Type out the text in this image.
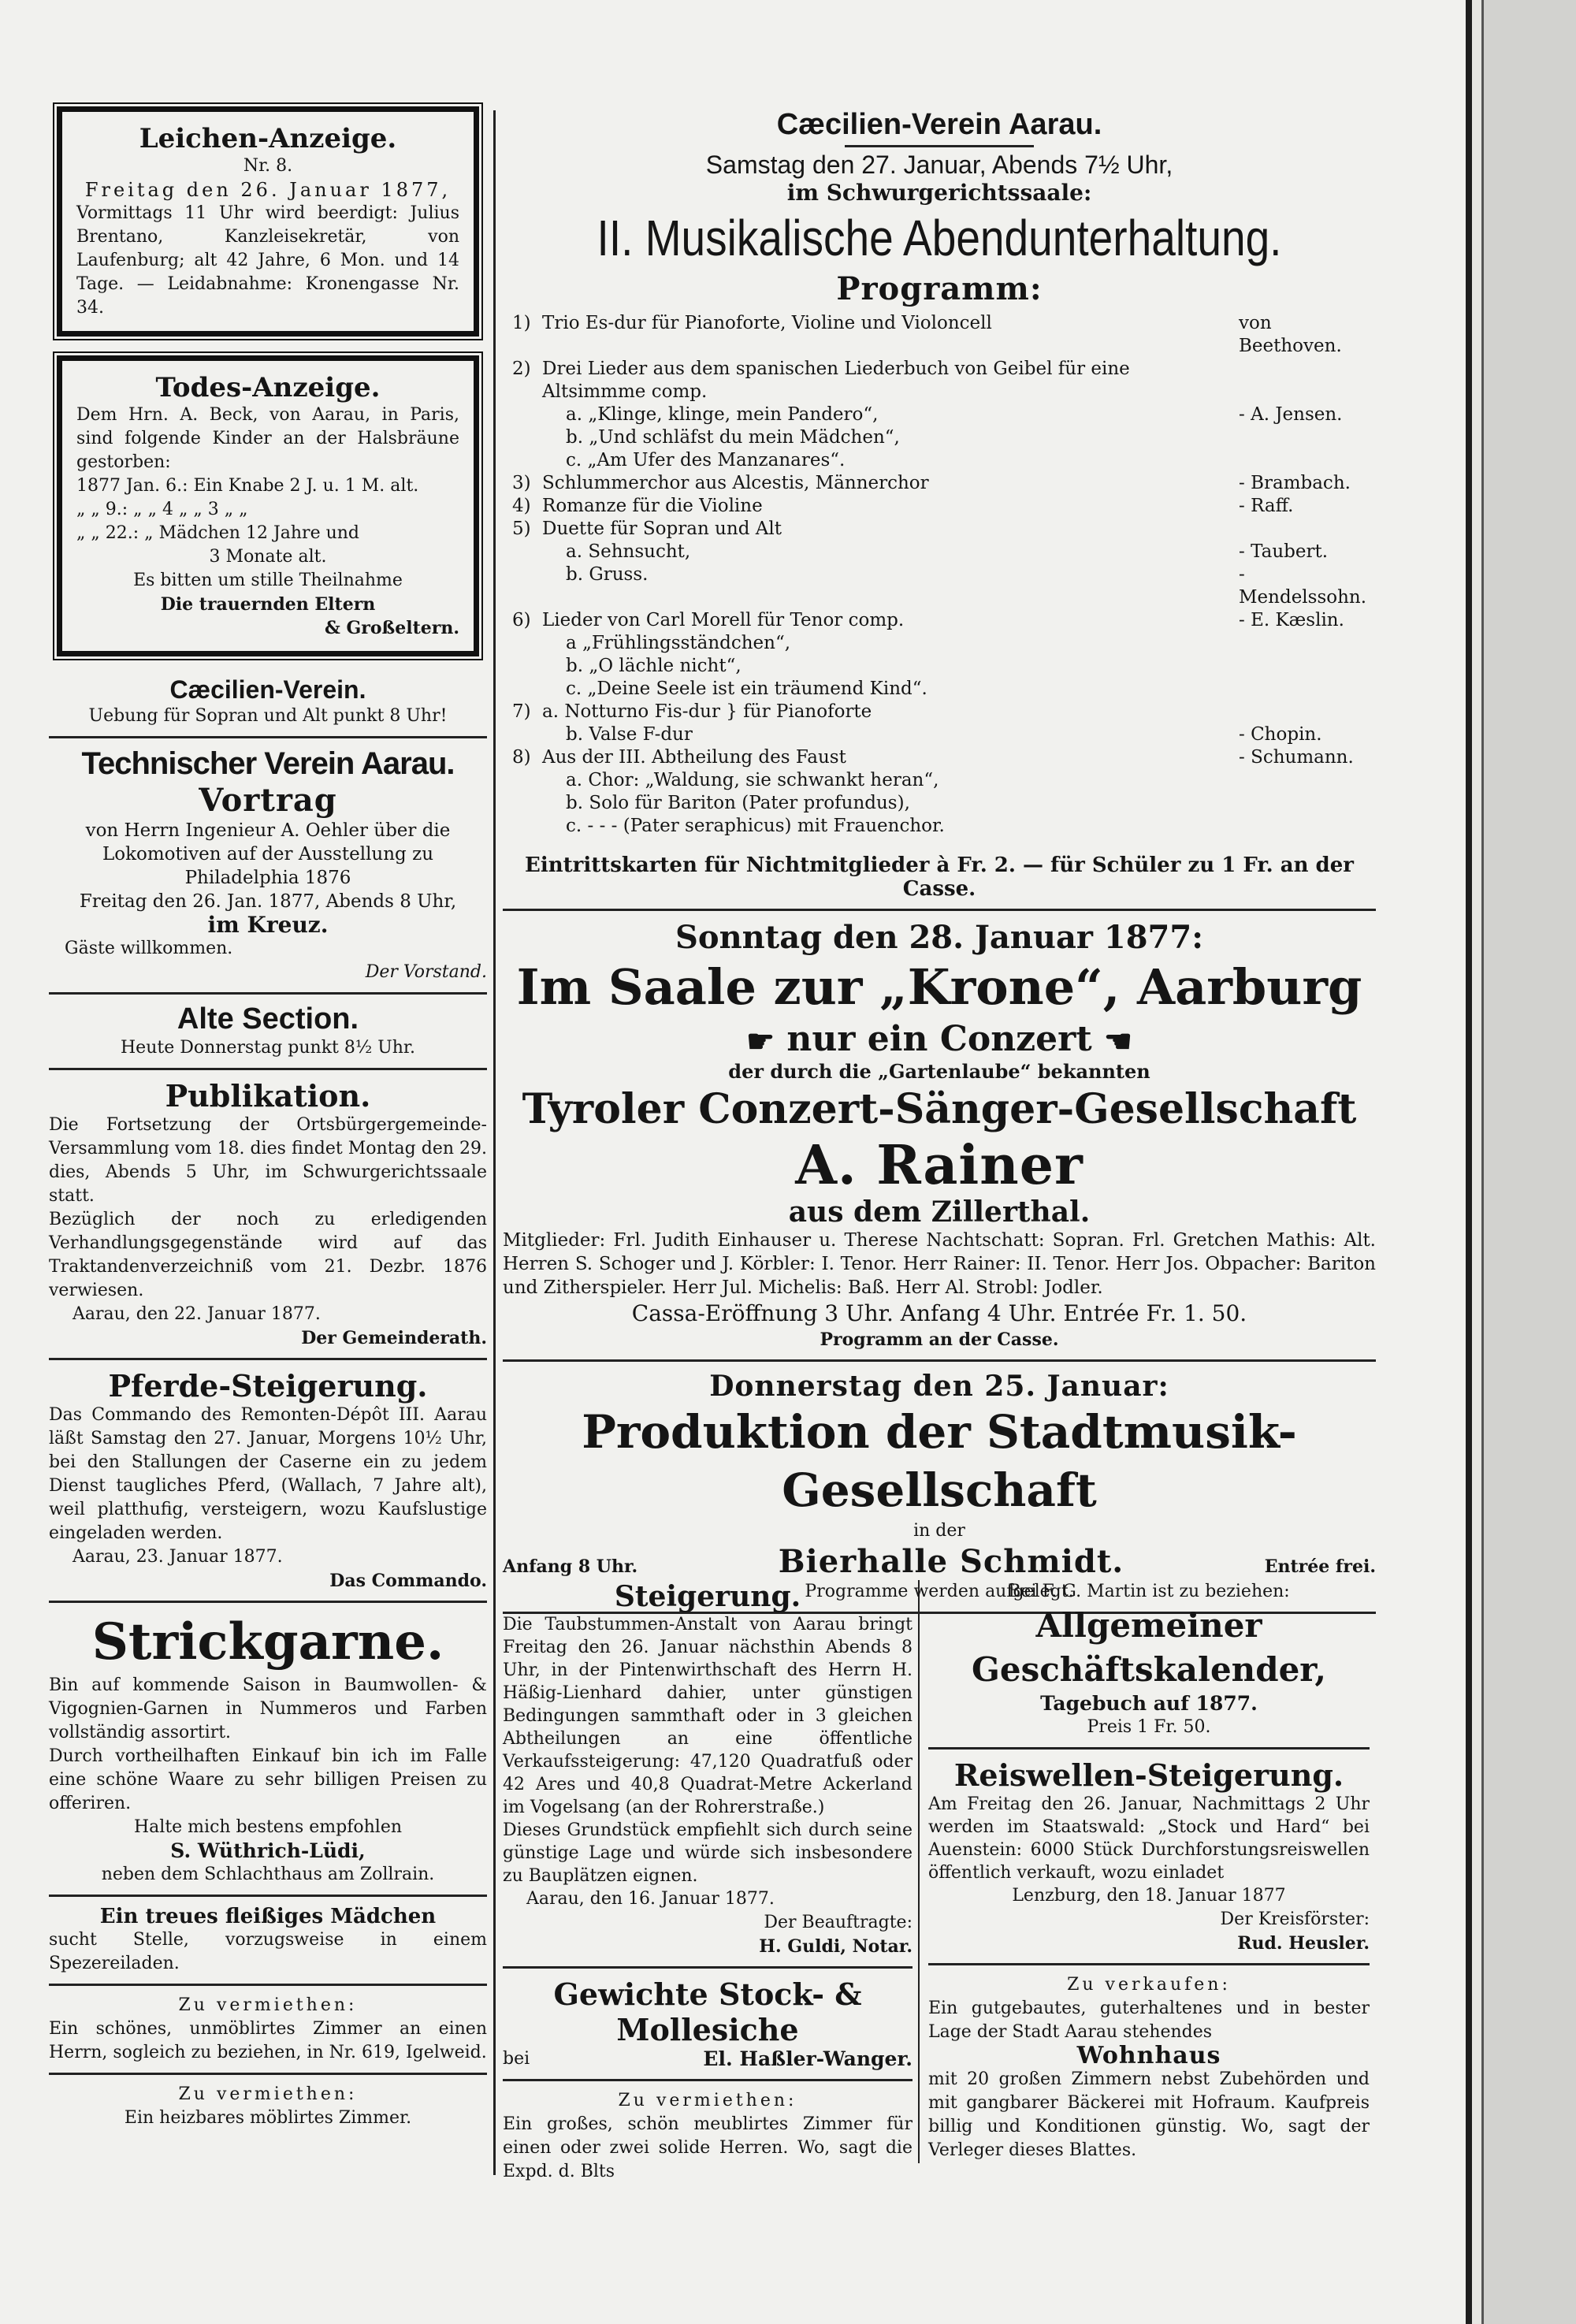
Leichen-Anzeige.

Nr. 8.

Freitag den 26. Januar 1877,

Vormittags 11 Uhr wird beerdigt: Julius Brentano, Kanzleisekretär, von Laufenburg; alt 42 Jahre, 6 Mon. und 14 Tage. — Leidabnahme: Kronengasse Nr. 34.

Todes-Anzeige.

Dem Hrn. A. Beck, von Aarau, in Paris, sind folgende Kinder an der Halsbräune gestorben:

1877 Jan. 6.: Ein Knabe 2 J. u. 1 M. alt.

„ „ 9.: „ „ 4 „ „ 3 „ „

„ „ 22.: „ Mädchen 12 Jahre und

3 Monate alt.

Es bitten um stille Theilnahme

Die trauernden Eltern

& Großeltern.

Cæcilien-Verein.

Uebung für Sopran und Alt punkt 8 Uhr!

Technischer Verein Aarau.

Vortrag

von Herrn Ingenieur A. Oehler über die Lokomotiven auf der Ausstellung zu Philadelphia 1876

Freitag den 26. Jan. 1877, Abends 8 Uhr,

im Kreuz.

Gäste willkommen.

Der Vorstand.

Alte Section.

Heute Donnerstag punkt 8½ Uhr.

Publikation.

Die Fortsetzung der Ortsbürgergemeinde-Versammlung vom 18. dies findet Montag den 29. dies, Abends 5 Uhr, im Schwurgerichtssaale statt.

Bezüglich der noch zu erledigenden Verhandlungsgegenstände wird auf das Traktandenverzeichniß vom 21. Dezbr. 1876 verwiesen.

Aarau, den 22. Januar 1877.

Der Gemeinderath.

Pferde-Steigerung.

Das Commando des Remonten-Dépôt III. Aarau läßt Samstag den 27. Januar, Morgens 10½ Uhr, bei den Stallungen der Caserne ein zu jedem Dienst taugliches Pferd, (Wallach, 7 Jahre alt), weil platthufig, versteigern, wozu Kaufslustige eingeladen werden.

Aarau, 23. Januar 1877.

Das Commando.

Strickgarne.

Bin auf kommende Saison in Baumwollen- & Vigognien-Garnen in Nummeros und Farben vollständig assortirt.

Durch vortheilhaften Einkauf bin ich im Falle eine schöne Waare zu sehr billigen Preisen zu offeriren.

Halte mich bestens empfohlen

S. Wüthrich-Lüdi,

neben dem Schlachthaus am Zollrain.

Ein treues fleißiges Mädchen

sucht Stelle, vorzugsweise in einem Spezereiladen.

Zu vermiethen:

Ein schönes, unmöblirtes Zimmer an einen Herrn, sogleich zu beziehen, in Nr. 619, Igelweid.

Zu vermiethen:

Ein heizbares möblirtes Zimmer.

Cæcilien-Verein Aarau.

Samstag den 27. Januar, Abends 7½ Uhr,

im Schwurgerichtssaale:

II. Musikalische Abendunterhaltung.

Programm:

1) Trio Es-dur für Pianoforte, Violine und Violoncell	von Beethoven.
2) Drei Lieder aus dem spanischen Liederbuch von Geibel für eine Altsimmme comp.
a. „Klinge, klinge, mein Pandero“,	- A. Jensen.
b. „Und schläfst du mein Mädchen“,
c. „Am Ufer des Manzanares“.
3) Schlummerchor aus Alcestis, Männerchor	- Brambach.
4) Romanze für die Violine	- Raff.
5) Duette für Sopran und Alt
a. Sehnsucht,	- Taubert.
b. Gruss.	- Mendelssohn.
6) Lieder von Carl Morell für Tenor comp.	- E. Kæslin.
a „Frühlingsständchen“,
b. „O lächle nicht“,
c. „Deine Seele ist ein träumend Kind“.
7) a. Notturno Fis-dur } für Pianoforte
b. Valse F-dur	- Chopin.
8) Aus der III. Abtheilung des Faust	- Schumann.
a. Chor: „Waldung, sie schwankt heran“,
b. Solo für Bariton (Pater profundus),
c. - - - (Pater seraphicus) mit Frauenchor.

Eintrittskarten für Nichtmitglieder à Fr. 2. — für Schüler zu 1 Fr. an der Casse.

Sonntag den 28. Januar 1877:

Im Saale zur „Krone“, Aarburg

☛ nur ein Conzert ☛

der durch die „Gartenlaube“ bekannten

Tyroler Conzert-Sänger-Gesellschaft

A. Rainer

aus dem Zillerthal.

Mitglieder: Frl. Judith Einhauser u. Therese Nachtschatt: Sopran. Frl. Gretchen Mathis: Alt. Herren S. Schoger und J. Körbler: I. Tenor. Herr Rainer: II. Tenor. Herr Jos. Obpacher: Bariton und Zitherspieler. Herr Jul. Michelis: Baß. Herr Al. Strobl: Jodler.

Cassa-Eröffnung 3 Uhr. Anfang 4 Uhr. Entrée Fr. 1. 50.

Programm an der Casse.

Donnerstag den 25. Januar:

Produktion der Stadtmusik-Gesellschaft

in der

Anfang 8 Uhr.	Bierhalle Schmidt.	Entrée frei.

Programme werden aufgelegt.

Steigerung.

Die Taubstummen-Anstalt von Aarau bringt Freitag den 26. Januar nächsthin Abends 8 Uhr, in der Pintenwirthschaft des Herrn H. Häßig-Lienhard dahier, unter günstigen Bedingungen sammthaft oder in 3 gleichen Abtheilungen an eine öffentliche Verkaufssteigerung: 47,120 Quadratfuß oder 42 Ares und 40,8 Quadrat-Metre Ackerland im Vogelsang (an der Rohrerstraße.)

Dieses Grundstück empfiehlt sich durch seine günstige Lage und würde sich insbesondere zu Bauplätzen eignen.

Aarau, den 16. Januar 1877.

Der Beauftragte:

H. Guldi, Notar.

Gewichte Stock- & Mollesiche

bei	El. Haßler-Wanger.

Zu vermiethen:

Ein großes, schön meublirtes Zimmer für einen oder zwei solide Herren. Wo, sagt die Expd. d. Blts

Bei F. G. Martin ist zu beziehen:

Allgemeiner Geschäftskalender,

Tagebuch auf 1877.

Preis 1 Fr. 50.

Reiswellen-Steigerung.

Am Freitag den 26. Januar, Nachmittags 2 Uhr werden im Staatswald: „Stock und Hard“ bei Auenstein: 6000 Stück Durchforstungsreiswellen öffentlich verkauft, wozu einladet

Lenzburg, den 18. Januar 1877

Der Kreisförster:

Rud. Heusler.

Zu verkaufen:

Ein gutgebautes, guterhaltenes und in bester Lage der Stadt Aarau stehendes

Wohnhaus

mit 20 großen Zimmern nebst Zubehörden und mit gangbarer Bäckerei mit Hofraum. Kaufpreis billig und Konditionen günstig. Wo, sagt der Verleger dieses Blattes.
